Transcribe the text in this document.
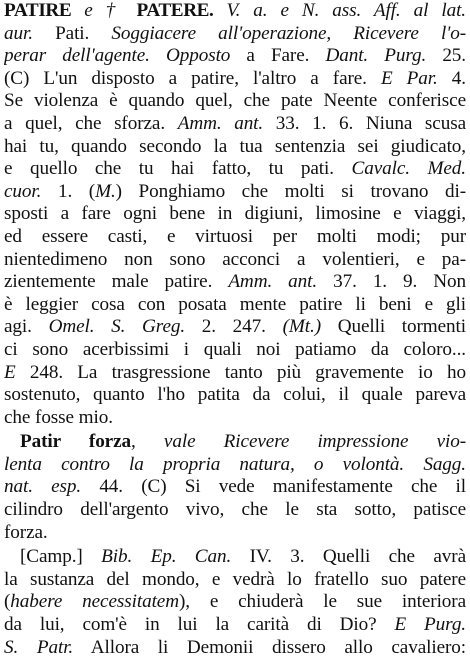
PATIRE e † PATERE. V. a. e N. ass. Aff. al lat.
aur. Pati. Soggiacere all'operazione, Ricevere l'o-
perar dell'agente. Opposto a Fare. Dant. Purg. 25.
(C) L'un disposto a patire, l'altro a fare. E Par. 4.
Se violenza è quando quel, che pate Neente conferisce
a quel, che sforza. Amm. ant. 33. 1. 6. Niuna scusa
hai tu, quando secondo la tua sentenzia sei giudicato,
e quello che tu hai fatto, tu pati. Cavalc. Med.
cuor. 1. (M.) Ponghiamo che molti si trovano di-
sposti a fare ogni bene in digiuni, limosine e viaggi,
ed essere casti, e virtuosi per molti modi; pur
nientedimeno non sono acconci a volentieri, e pa-
zientemente male patire. Amm. ant. 37. 1. 9. Non
è leggier cosa con posata mente patire li beni e gli
agi. Omel. S. Greg. 2. 247. (Mt.) Quelli tormenti
ci sono acerbissimi i quali noi patiamo da coloro...
E 248. La trasgressione tanto più gravemente io ho
sostenuto, quanto l'ho patita da colui, il quale pareva
che fosse mio.
Patir forza, vale Ricevere impressione vio-
lenta contro la propria natura, o volontà. Sagg.
nat. esp. 44. (C) Si vede manifestamente che il
cilindro dell'argento vivo, che le sta sotto, patisce
forza.
[Camp.] Bib. Ep. Can. IV. 3. Quelli che avrà
la sustanza del mondo, e vedrà lo fratello suo patere
(habere necessitatem), e chiuderà le sue interiora
da lui, com'è in lui la carità di Dio? E Purg.
S. Patr. Allora li Demonii dissero allo cavaliero:
